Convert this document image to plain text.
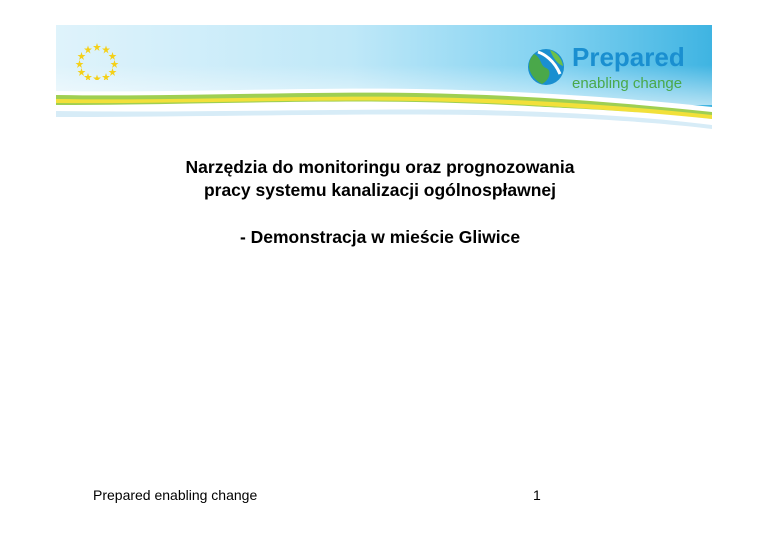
Prepared
enabling change
Narzędzia do monitoringu oraz prognozowania
pracy systemu kanalizacji ogólnospławnej
- Demonstracja w mieście Gliwice
Prepared enabling change	1
